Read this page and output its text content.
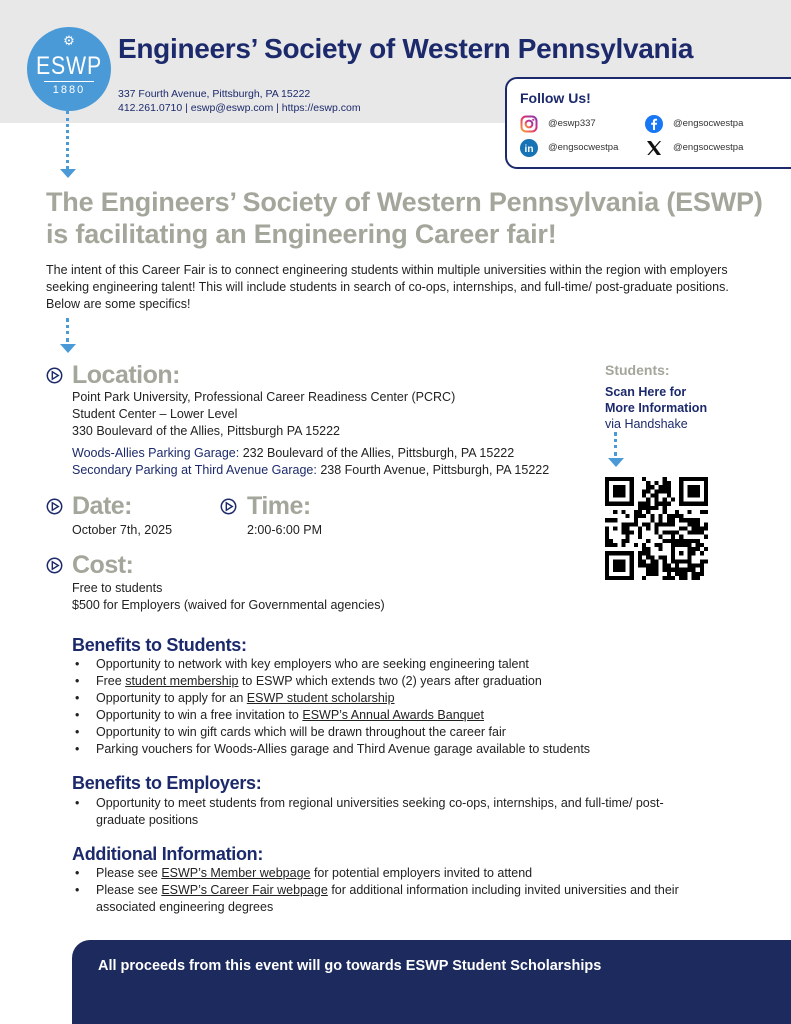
⚙
ESWP
1880
Engineers’ Society of Western Pennsylvania
337 Fourth Avenue, Pittsburgh, PA 15222
412.261.0710 | eswp@eswp.com | https://eswp.com
Follow Us!
@eswp337	@engsocwestpa
in @engsocwestpa	@engsocwestpa
The Engineers’ Society of Western Pennsylvania (ESWP) is facilitating an Engineering Career fair!
The intent of this Career Fair is to connect engineering students within multiple universities within the region with employers seeking engineering talent! This will include students in search of co-ops, internships, and full-time/ post-graduate positions. Below are some specifics!
Location:
Point Park University, Professional Career Readiness Center (PCRC)
Student Center – Lower Level
330 Boulevard of the Allies, Pittsburgh PA 15222
Woods-Allies Parking Garage: 232 Boulevard of the Allies, Pittsburgh, PA 15222
Secondary Parking at Third Avenue Garage: 238 Fourth Avenue, Pittsburgh, PA 15222
Date:
October 7th, 2025
Time:
2:00-6:00 PM
Cost:
Free to students
$500 for Employers (waived for Governmental agencies)
Students:
Scan Here for
More Information
via Handshake
Benefits to Students:
• Opportunity to network with key employers who are seeking engineering talent
• Free student membership to ESWP which extends two (2) years after graduation
• Opportunity to apply for an ESWP student scholarship
• Opportunity to win a free invitation to ESWP’s Annual Awards Banquet
• Opportunity to win gift cards which will be drawn throughout the career fair
• Parking vouchers for Woods-Allies garage and Third Avenue garage available to students
Benefits to Employers:
• Opportunity to meet students from regional universities seeking co-ops, internships, and full-time/ post-graduate positions
Additional Information:
• Please see ESWP’s Member webpage for potential employers invited to attend
• Please see ESWP’s Career Fair webpage for additional information including invited universities and their associated engineering degrees
All proceeds from this event will go towards ESWP Student Scholarships
